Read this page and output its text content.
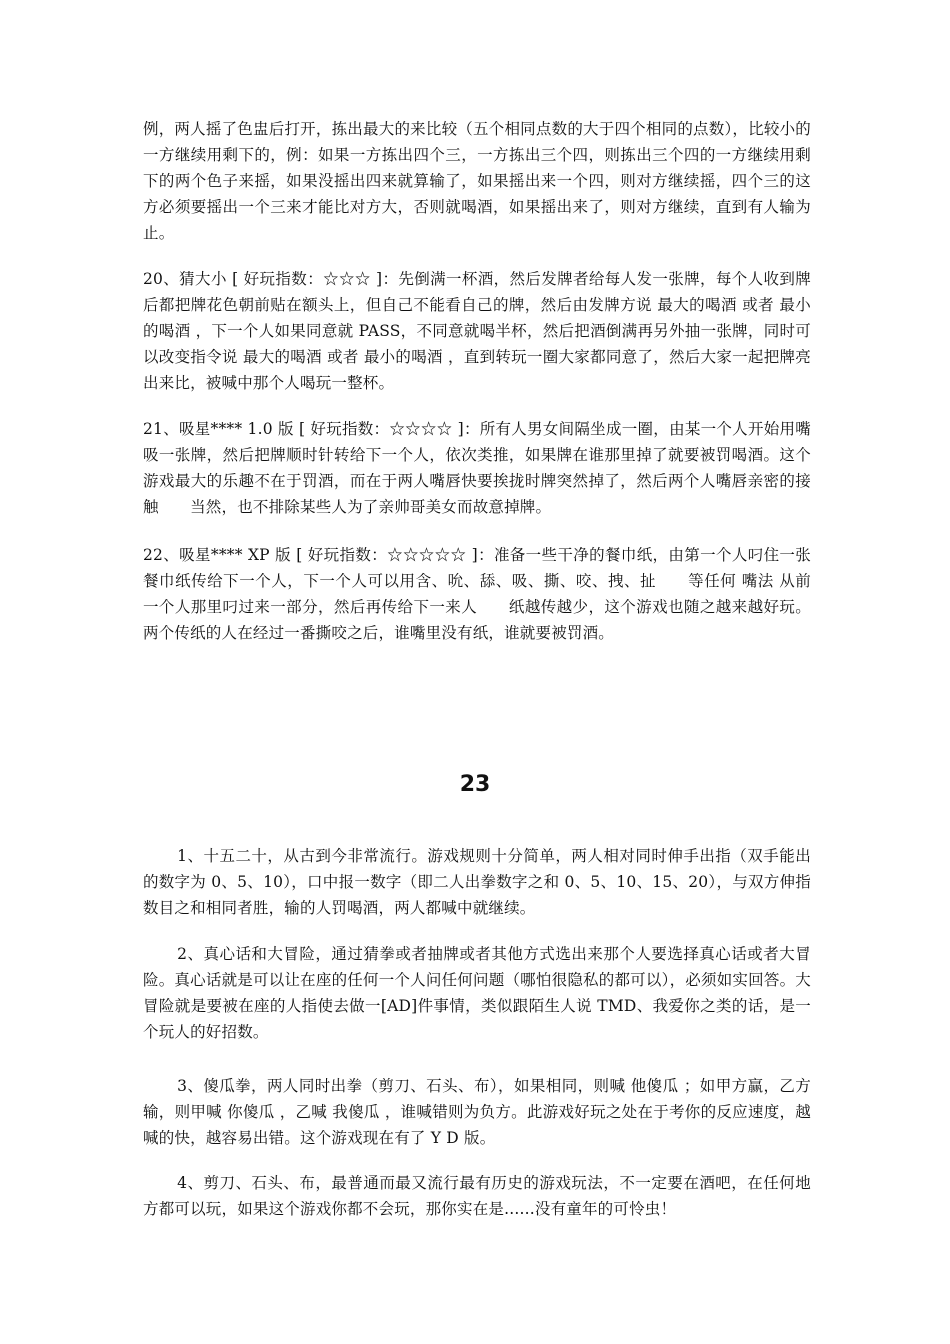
例，两人摇了色盅后打开，拣出最大的来比较（五个相同点数的大于四个相同的点数），比较小的一方继续用剩下的，例：如果一方拣出四个三，一方拣出三个四，则拣出三个四的一方继续用剩下的两个色子来摇，如果没摇出四来就算输了，如果摇出来一个四，则对方继续摇，四个三的这方必须要摇出一个三来才能比对方大，否则就喝酒，如果摇出来了，则对方继续，直到有人输为止。

20、猜大小 [ 好玩指数：☆☆☆ ]：先倒满一杯酒，然后发牌者给每人发一张牌，每个人收到牌后都把牌花色朝前贴在额头上，但自己不能看自己的牌，然后由发牌方说 最大的喝酒 或者 最小的喝酒 ，下一个人如果同意就 PASS，不同意就喝半杯，然后把酒倒满再另外抽一张牌，同时可以改变指令说 最大的喝酒 或者 最小的喝酒 ，直到转玩一圈大家都同意了，然后大家一起把牌亮出来比，被喊中那个人喝玩一整杯。

21、吸星**** 1.0 版 [ 好玩指数：☆☆☆☆ ]：所有人男女间隔坐成一圈，由某一个人开始用嘴吸一张牌，然后把牌顺时针转给下一个人，依次类推，如果牌在谁那里掉了就要被罚喝酒。这个游戏最大的乐趣不在于罚酒，而在于两人嘴唇快要挨拢时牌突然掉了，然后两个人嘴唇亲密的接触　　当然，也不排除某些人为了亲帅哥美女而故意掉牌。

22、吸星**** XP 版 [ 好玩指数：☆☆☆☆☆ ]：准备一些干净的餐巾纸，由第一个人叼住一张餐巾纸传给下一个人，下一个人可以用含、吮、舔、吸、撕、咬、拽、扯　　等任何 嘴法 从前一个人那里叼过来一部分，然后再传给下一来人　　纸越传越少，这个游戏也随之越来越好玩。两个传纸的人在经过一番撕咬之后，谁嘴里没有纸，谁就要被罚酒。

23

1、十五二十，从古到今非常流行。游戏规则十分简单，两人相对同时伸手出指（双手能出的数字为 0、5、10），口中报一数字（即二人出拳数字之和 0、5、10、15、20），与双方伸指数目之和相同者胜，输的人罚喝酒，两人都喊中就继续。

2、真心话和大冒险，通过猜拳或者抽牌或者其他方式选出来那个人要选择真心话或者大冒险。真心话就是可以让在座的任何一个人问任何问题（哪怕很隐私的都可以），必须如实回答。大冒险就是要被在座的人指使去做一[AD]件事情，类似跟陌生人说 TMD、我爱你之类的话，是一个玩人的好招数。

3、傻瓜拳，两人同时出拳（剪刀、石头、布），如果相同，则喊 他傻瓜 ；如甲方赢，乙方输，则甲喊 你傻瓜 ，乙喊 我傻瓜 ，谁喊错则为负方。此游戏好玩之处在于考你的反应速度，越喊的快，越容易出错。这个游戏现在有了 Y D 版。

4、剪刀、石头、布，最普通而最又流行最有历史的游戏玩法，不一定要在酒吧，在任何地方都可以玩，如果这个游戏你都不会玩，那你实在是......没有童年的可怜虫！
